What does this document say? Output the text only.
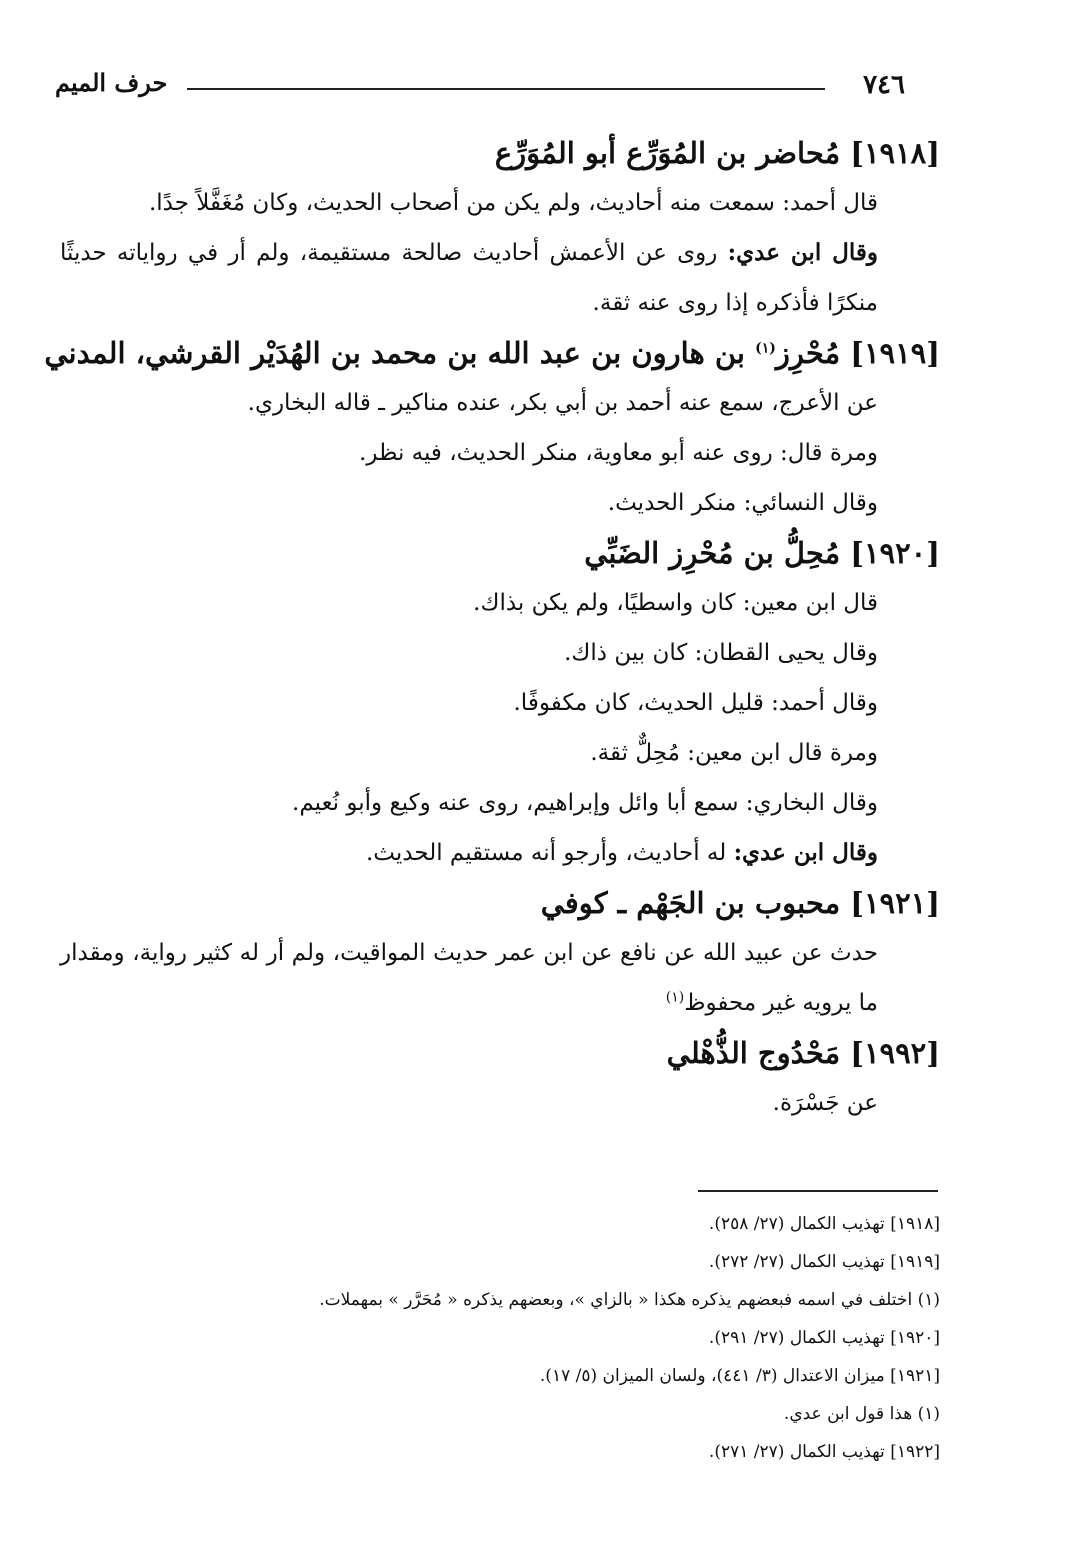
٧٤٦
حرف الميم

[١٩١٨] مُحاضر بن المُوَرِّع أبو المُوَرِّع

قال أحمد: سمعت منه أحاديث، ولم يكن من أصحاب الحديث، وكان مُغَفَّلاً جدًا.

وقال ابن عدي: روى عن الأعمش أحاديث صالحة مستقيمة، ولم أر في رواياته حديثًا منكرًا فأذكره إذا روى عنه ثقة.

[١٩١٩] مُحْرِز$^{(١)}$ بن هارون بن عبد الله بن محمد بن الهُدَيْر القرشي، المدني

عن الأعرج، سمع عنه أحمد بن أبي بكر، عنده مناكير ـ قاله البخاري.

ومرة قال: روى عنه أبو معاوية، منكر الحديث، فيه نظر.

وقال النسائي: منكر الحديث.

[١٩٢٠] مُحِلُّ بن مُحْرِز الضَبِّي

قال ابن معين: كان واسطيًا، ولم يكن بذاك.

وقال يحيى القطان: كان بين ذاك.

وقال أحمد: قليل الحديث، كان مكفوفًا.

ومرة قال ابن معين: مُحِلٌّ ثقة.

وقال البخاري: سمع أبا وائل وإبراهيم، روى عنه وكيع وأبو نُعيم.

وقال ابن عدي: له أحاديث، وأرجو أنه مستقيم الحديث.

[١٩٢١] محبوب بن الجَهْم ـ كوفي

حدث عن عبيد الله عن نافع عن ابن عمر حديث المواقيت، ولم أر له كثير رواية، ومقدار ما يرويه غير محفوظ$^{(١)}$

[١٩٩٢] مَحْدُوج الذُّهْلي

عن جَسْرَة.

[١٩١٨] تهذيب الكمال (٢٧/ ٢٥٨).

[١٩١٩] تهذيب الكمال (٢٧/ ٢٧٢).

(١) اختلف في اسمه فبعضهم يذكره هكذا « بالزاي »، وبعضهم يذكره « مُحَرَّر » بمهملات.

[١٩٢٠] تهذيب الكمال (٢٧/ ٢٩١).

[١٩٢١] ميزان الاعتدال (٣/ ٤٤١)، ولسان الميزان (٥/ ١٧).

(١) هذا قول ابن عدي.

[١٩٢٢] تهذيب الكمال (٢٧/ ٢٧١).
